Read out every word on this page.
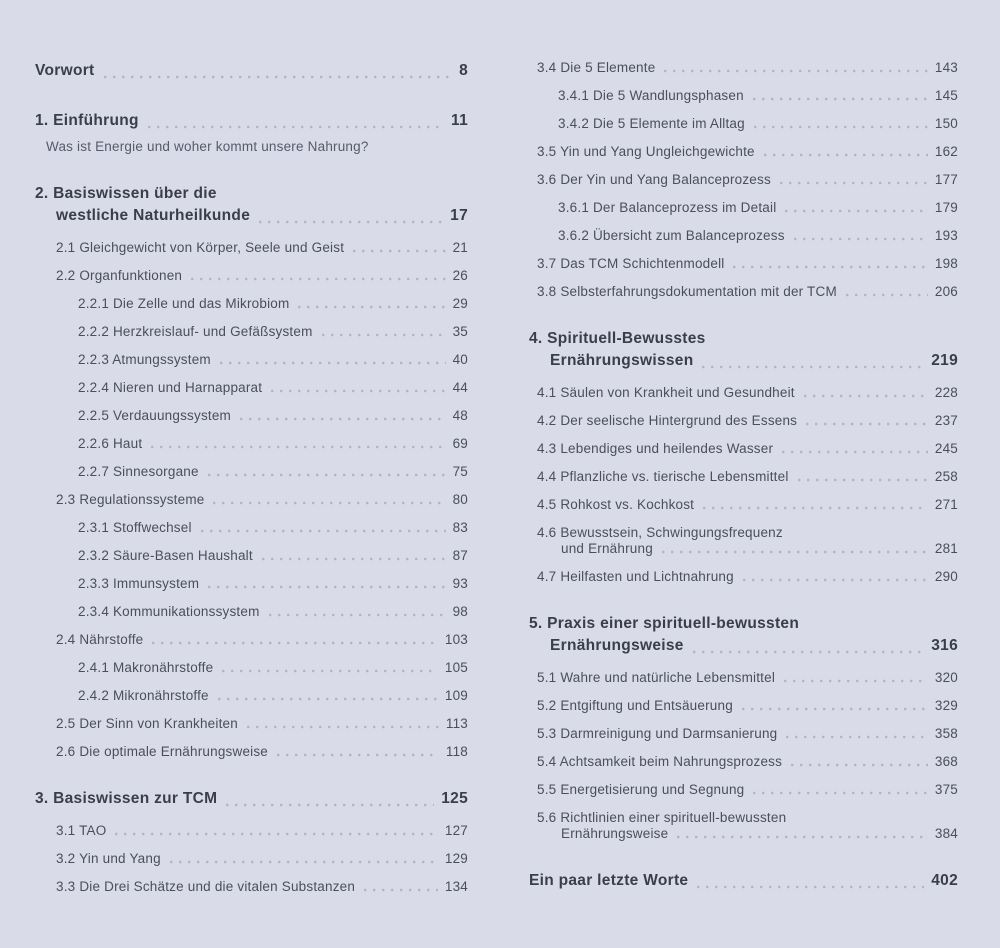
Vorwort	8
1. Einführung	11
Was ist Energie und woher kommt unsere Nahrung?
2. Basiswissen über die
westliche Naturheilkunde	17
2.1 Gleichgewicht von Körper, Seele und Geist	21
2.2 Organfunktionen	26
2.2.1 Die Zelle und das Mikrobiom	29
2.2.2 Herzkreislauf- und Gefäßsystem	35
2.2.3 Atmungssystem	40
2.2.4 Nieren und Harnapparat	44
2.2.5 Verdauungssystem	48
2.2.6 Haut	69
2.2.7 Sinnesorgane	75
2.3 Regulationssysteme	80
2.3.1 Stoffwechsel	83
2.3.2 Säure-Basen Haushalt	87
2.3.3 Immunsystem	93
2.3.4 Kommunikationssystem	98
2.4 Nährstoffe	103
2.4.1 Makronährstoffe	105
2.4.2 Mikronährstoffe	109
2.5 Der Sinn von Krankheiten	113
2.6 Die optimale Ernährungsweise	118
3. Basiswissen zur TCM	125
3.1 TAO	127
3.2 Yin und Yang	129
3.3 Die Drei Schätze und die vitalen Substanzen	134
3.4 Die 5 Elemente	143
3.4.1 Die 5 Wandlungsphasen	145
3.4.2 Die 5 Elemente im Alltag	150
3.5 Yin und Yang Ungleichgewichte	162
3.6 Der Yin und Yang Balanceprozess	177
3.6.1 Der Balanceprozess im Detail	179
3.6.2 Übersicht zum Balanceprozess	193
3.7 Das TCM Schichtenmodell	198
3.8 Selbsterfahrungsdokumentation mit der TCM	206
4. Spirituell-Bewusstes
Ernährungswissen	219
4.1 Säulen von Krankheit und Gesundheit	228
4.2 Der seelische Hintergrund des Essens	237
4.3 Lebendiges und heilendes Wasser	245
4.4 Pflanzliche vs. tierische Lebensmittel	258
4.5 Rohkost vs. Kochkost	271
4.6 Bewusstsein, Schwingungsfrequenz
und Ernährung	281
4.7 Heilfasten und Lichtnahrung	290
5. Praxis einer spirituell-bewussten
Ernährungsweise	316
5.1 Wahre und natürliche Lebensmittel	320
5.2 Entgiftung und Entsäuerung	329
5.3 Darmreinigung und Darmsanierung	358
5.4 Achtsamkeit beim Nahrungsprozess	368
5.5 Energetisierung und Segnung	375
5.6 Richtlinien einer spirituell-bewussten
Ernährungsweise	384
Ein paar letzte Worte	402
